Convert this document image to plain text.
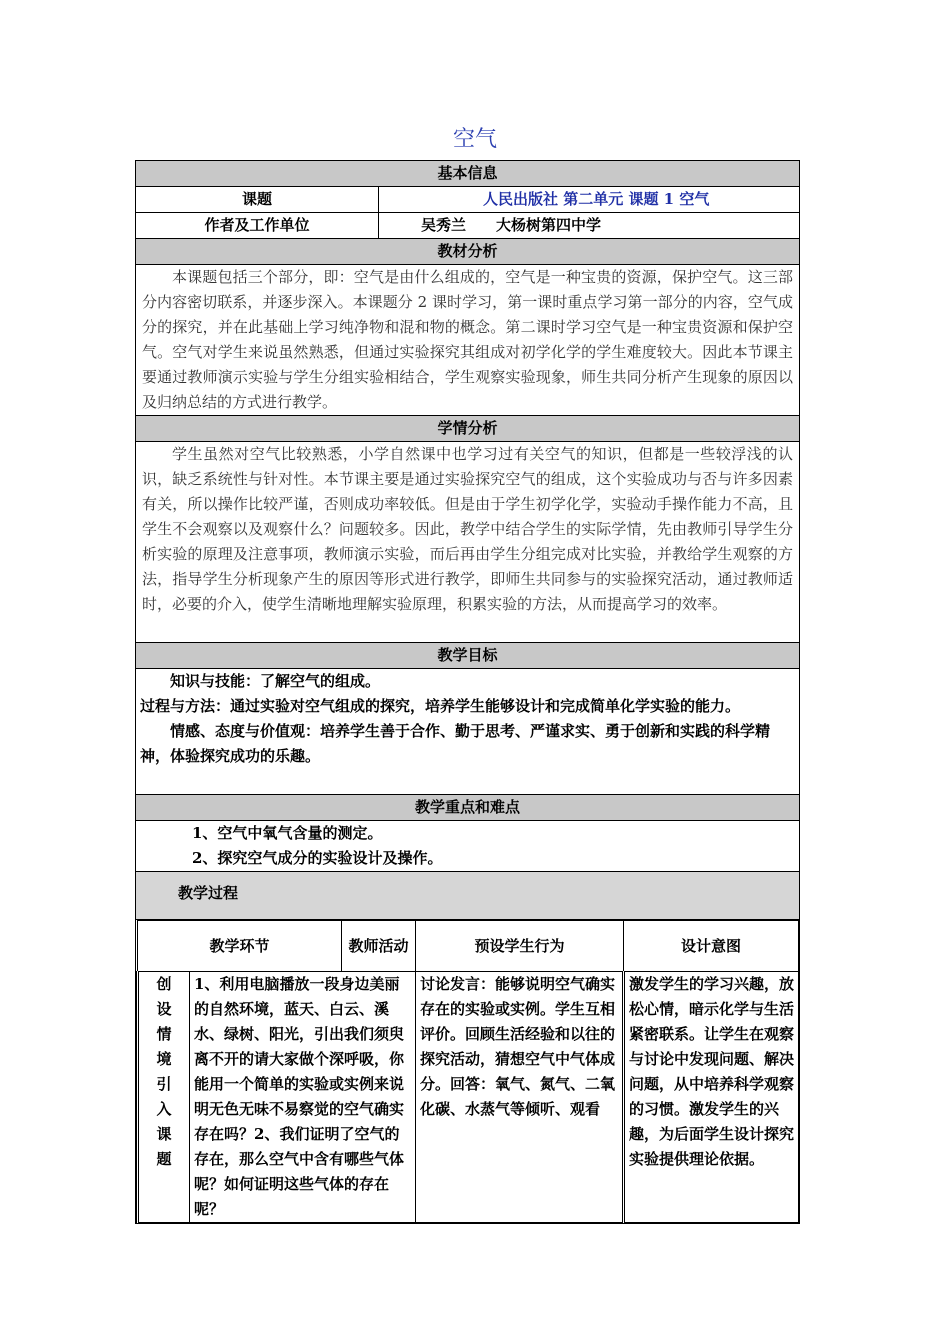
空气
基本信息
课题	人民出版社 第二单元 课题 1 空气
作者及工作单位	吴秀兰　　大杨树第四中学
教材分析
本课题包括三个部分，即：空气是由什么组成的，空气是一种宝贵的资源，保护空气。这三部分内容密切联系，并逐步深入。本课题分 2 课时学习，第一课时重点学习第一部分的内容，空气成分的探究，并在此基础上学习纯净物和混和物的概念。第二课时学习空气是一种宝贵资源和保护空气。空气对学生来说虽然熟悉，但通过实验探究其组成对初学化学的学生难度较大。因此本节课主要通过教师演示实验与学生分组实验相结合，学生观察实验现象，师生共同分析产生现象的原因以及归纳总结的方式进行教学。
学情分析
学生虽然对空气比较熟悉，小学自然课中也学习过有关空气的知识，但都是一些较浮浅的认识，缺乏系统性与针对性。本节课主要是通过实验探究空气的组成，这个实验成功与否与许多因素有关，所以操作比较严谨，否则成功率较低。但是由于学生初学化学，实验动手操作能力不高，且学生不会观察以及观察什么？问题较多。因此，教学中结合学生的实际学情，先由教师引导学生分析实验的原理及注意事项，教师演示实验，而后再由学生分组完成对比实验，并教给学生观察的方法，指导学生分析现象产生的原因等形式进行教学，即师生共同参与的实验探究活动，通过教师适时，必要的介入，使学生清晰地理解实验原理，积累实验的方法，从而提高学习的效率。
教学目标

知识与技能：了解空气的组成。

过程与方法：通过实验对空气组成的探究，培养学生能够设计和完成简单化学实验的能力。

情感、态度与价值观：培养学生善于合作、勤于思考、严谨求实、勇于创新和实践的科学精神，体验探究成功的乐趣。

教学重点和难点

1、空气中氧气含量的测定。
2、探究空气成分的实验设计及操作。

教学过程

教学环节	教师活动	预设学生行为	设计意图
创设情境引入课题	1、利用电脑播放一段身边美丽的自然环境，蓝天、白云、溪水、绿树、阳光，引出我们须臾离不开的请大家做个深呼吸，你能用一个简单的实验或实例来说明无色无味不易察觉的空气确实存在吗？2、我们证明了空气的存在，那么空气中含有哪些气体呢？如何证明这些气体的存在呢？	讨论发言：能够说明空气确实存在的实验或实例。学生互相评价。回顾生活经验和以往的探究活动，猜想空气中气体成分。回答：氧气、氮气、二氧化碳、水蒸气等倾听、观看	激发学生的学习兴趣，放松心情，暗示化学与生活紧密联系。让学生在观察与讨论中发现问题、解决问题，从中培养科学观察的习惯。激发学生的兴趣，为后面学生设计探究实验提供理论依据。
